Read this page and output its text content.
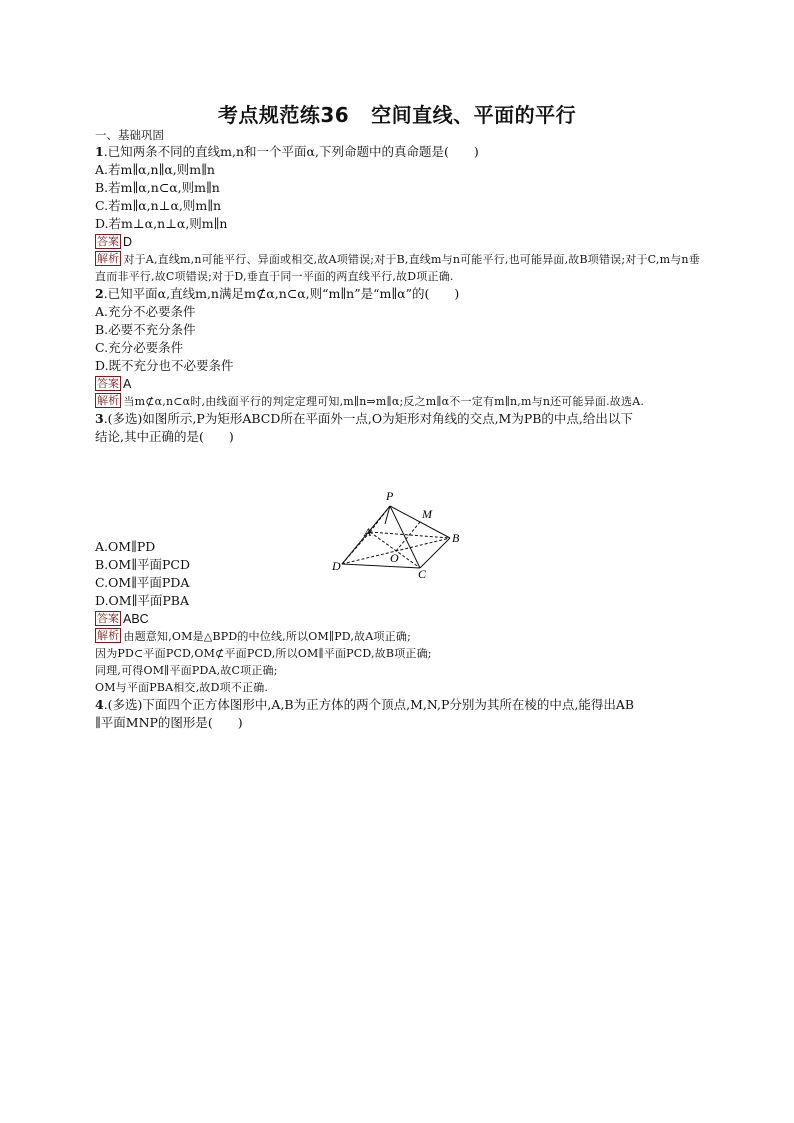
考点规范练36 空间直线、平面的平行
一、基础巩固
1.已知两条不同的直线m,n和一个平面α,下列命题中的真命题是(　　)
A.若m∥α,n∥α,则m∥n
B.若m∥α,n⊂α,则m∥n
C.若m∥α,n⊥α,则m∥n
D.若m⊥α,n⊥α,则m∥n
答案 D
解析 对于A,直线m,n可能平行、异面或相交,故A项错误;对于B,直线m与n可能平行,也可能异面,故B项错误;对于C,m与n垂直而非平行,故C项错误;对于D,垂直于同一平面的两直线平行,故D项正确.
2.已知平面α,直线m,n满足m⊄α,n⊂α,则“m∥n”是“m∥α”的(　　)
A.充分不必要条件
B.必要不充分条件
C.充分必要条件
D.既不充分也不必要条件
答案 A
解析 当m⊄α,n⊂α时,由线面平行的判定定理可知,m∥n⇒m∥α;反之m∥α不一定有m∥n,m与n还可能异面.故选A.
3.(多选)如图所示,P为矩形ABCD所在平面外一点,O为矩形对角线的交点,M为PB的中点,给出以下
结论,其中正确的是(　　)
A.OM∥PD
B.OM∥平面PCD
C.OM∥平面PDA
D.OM∥平面PBA
答案 ABC
解析 由题意知,OM是△BPD的中位线,所以OM∥PD,故A项正确;
因为PD⊂平面PCD,OM⊄平面PCD,所以OM∥平面PCD,故B项正确;
同理,可得OM∥平面PDA,故C项正确;
OM与平面PBA相交,故D项不正确.
4.(多选)下面四个正方体图形中,A,B为正方体的两个顶点,M,N,P分别为其所在棱的中点,能得出AB
∥平面MNP的图形是(　　)
P
M
A	B
O
C
D
